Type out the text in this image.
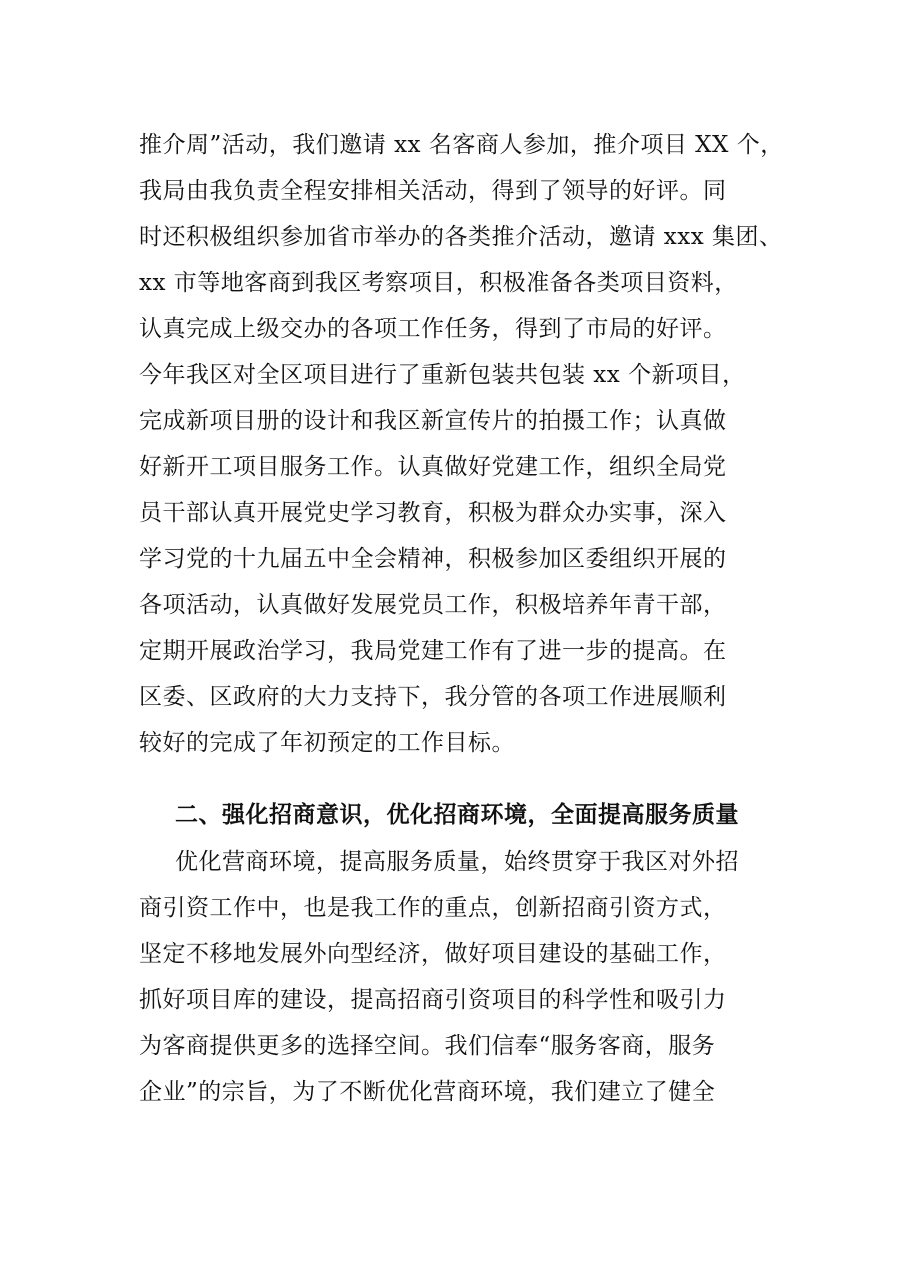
推介周”活动，我们邀请 xx 名客商人参加，推介项目 XX 个，
我局由我负责全程安排相关活动，得到了领导的好评。同
时还积极组织参加省市举办的各类推介活动，邀请 xxx 集团、
xx 市等地客商到我区考察项目，积极准备各类项目资料，
认真完成上级交办的各项工作任务，得到了市局的好评。
今年我区对全区项目进行了重新包装共包装 xx 个新项目，
完成新项目册的设计和我区新宣传片的拍摄工作；认真做
好新开工项目服务工作。认真做好党建工作，组织全局党
员干部认真开展党史学习教育，积极为群众办实事，深入
学习党的十九届五中全会精神，积极参加区委组织开展的
各项活动，认真做好发展党员工作，积极培养年青干部，
定期开展政治学习，我局党建工作有了进一步的提高。在
区委、区政府的大力支持下，我分管的各项工作进展顺利
较好的完成了年初预定的工作目标。
二、强化招商意识，优化招商环境，全面提高服务质量
优化营商环境，提高服务质量，始终贯穿于我区对外招
商引资工作中，也是我工作的重点，创新招商引资方式，
坚定不移地发展外向型经济，做好项目建设的基础工作，
抓好项目库的建设，提高招商引资项目的科学性和吸引力
为客商提供更多的选择空间。我们信奉“服务客商，服务
企业”的宗旨，为了不断优化营商环境，我们建立了健全
